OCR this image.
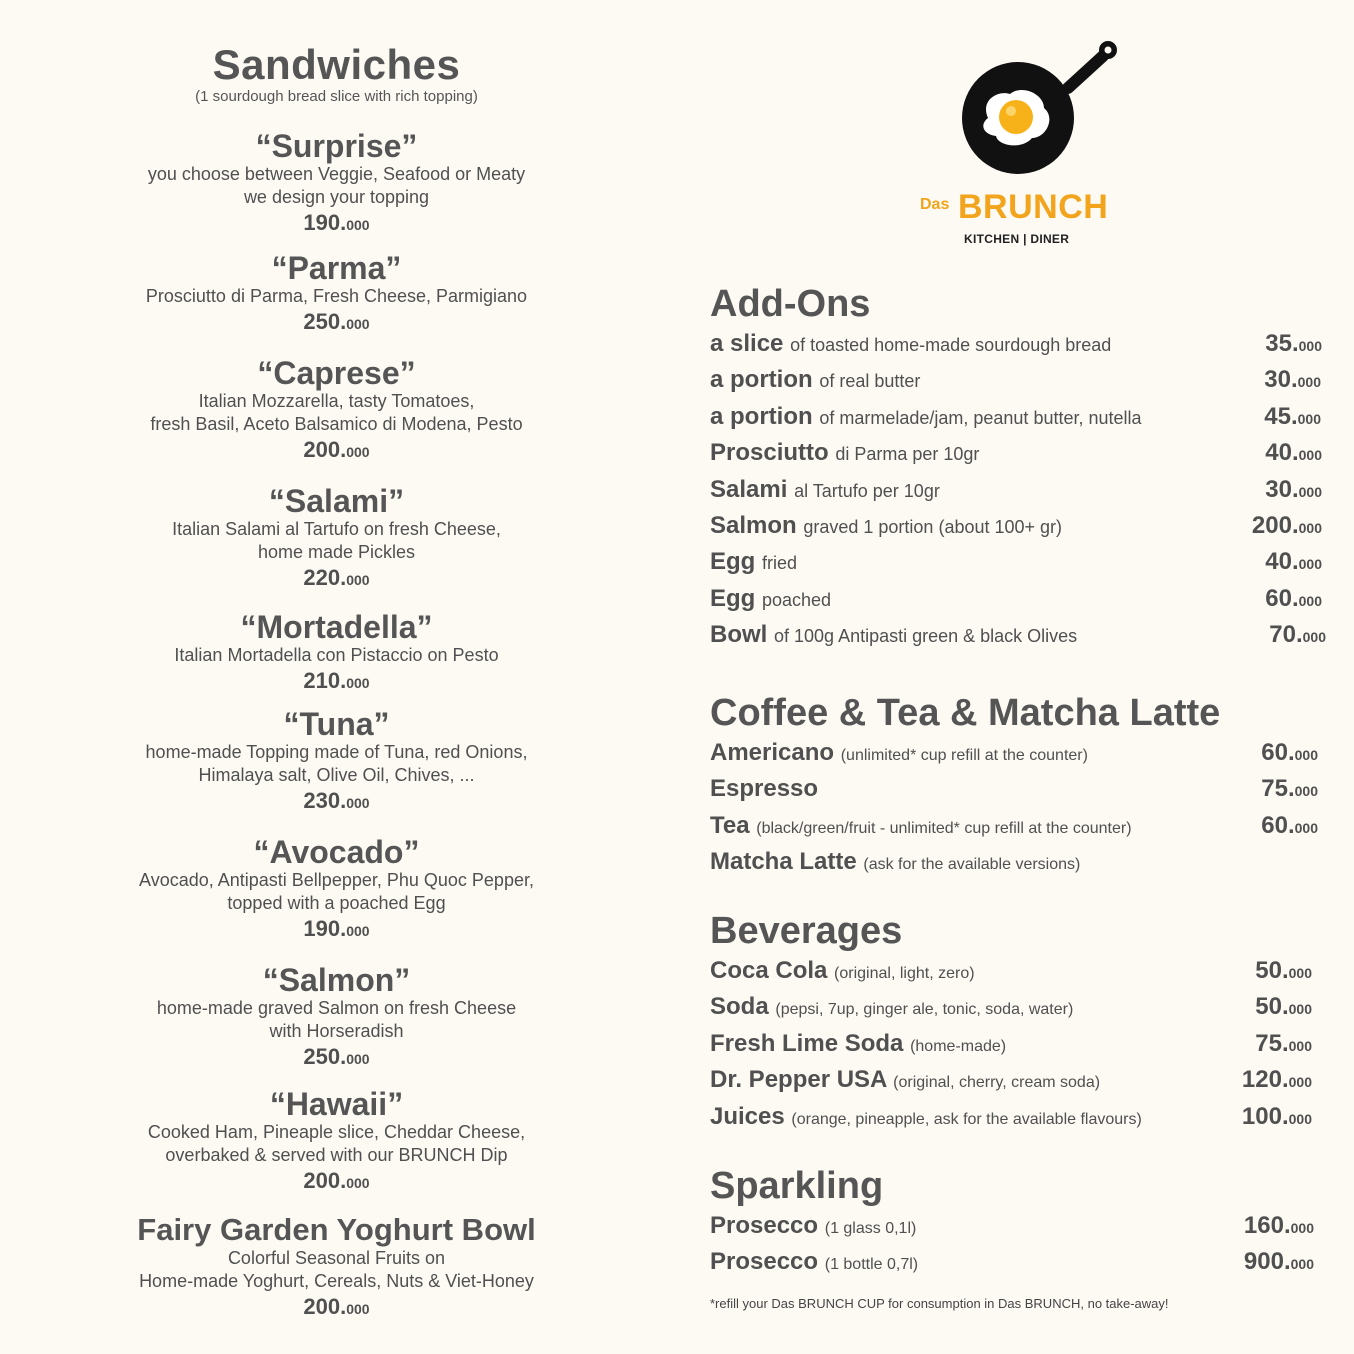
Sandwiches
(1 sourdough bread slice with rich topping)
“Surprise”
you choose between Veggie, Seafood or Meaty
we design your topping
190.000
“Parma”
Prosciutto di Parma, Fresh Cheese, Parmigiano
250.000
“Caprese”
Italian Mozzarella, tasty Tomatoes,
fresh Basil, Aceto Balsamico di Modena, Pesto
200.000
“Salami”
Italian Salami al Tartufo on fresh Cheese,
home made Pickles
220.000
“Mortadella”
Italian Mortadella con Pistaccio on Pesto
210.000
“Tuna”
home-made Topping made of Tuna, red Onions,
Himalaya salt, Olive Oil, Chives, ...
230.000
“Avocado”
Avocado, Antipasti Bellpepper, Phu Quoc Pepper,
topped with a poached Egg
190.000
“Salmon”
home-made graved Salmon on fresh Cheese
with Horseradish
250.000
“Hawaii”
Cooked Ham, Pineaple slice, Cheddar Cheese,
overbaked & served with our BRUNCH Dip
200.000
Fairy Garden Yoghurt Bowl
Colorful Seasonal Fruits on
Home-made Yoghurt, Cereals, Nuts & Viet-Honey
200.000
Das BRUNCH
KITCHEN | DINER
Add-Ons
a slice of toasted home-made sourdough bread	35.000
a portion of real butter	30.000
a portion of marmelade/jam, peanut butter, nutella	45.000
Prosciutto di Parma per 10gr	40.000
Salami al Tartufo per 10gr	30.000
Salmon graved 1 portion (about 100+ gr)	200.000
Egg fried	40.000
Egg poached	60.000
Bowl of 100g Antipasti green & black Olives	70.000
Coffee & Tea & Matcha Latte
Americano (unlimited* cup refill at the counter)	60.000
Espresso	75.000
Tea (black/green/fruit - unlimited* cup refill at the counter)	60.000
Matcha Latte (ask for the available versions)
Beverages
Coca Cola (original, light, zero)	50.000
Soda (pepsi, 7up, ginger ale, tonic, soda, water)	50.000
Fresh Lime Soda (home-made)	75.000
Dr. Pepper USA (original, cherry, cream soda)	120.000
Juices (orange, pineapple, ask for the available flavours)	100.000
Sparkling
Prosecco (1 glass 0,1l)	160.000
Prosecco (1 bottle 0,7l)	900.000
*refill your Das BRUNCH CUP for consumption in Das BRUNCH, no take-away!
